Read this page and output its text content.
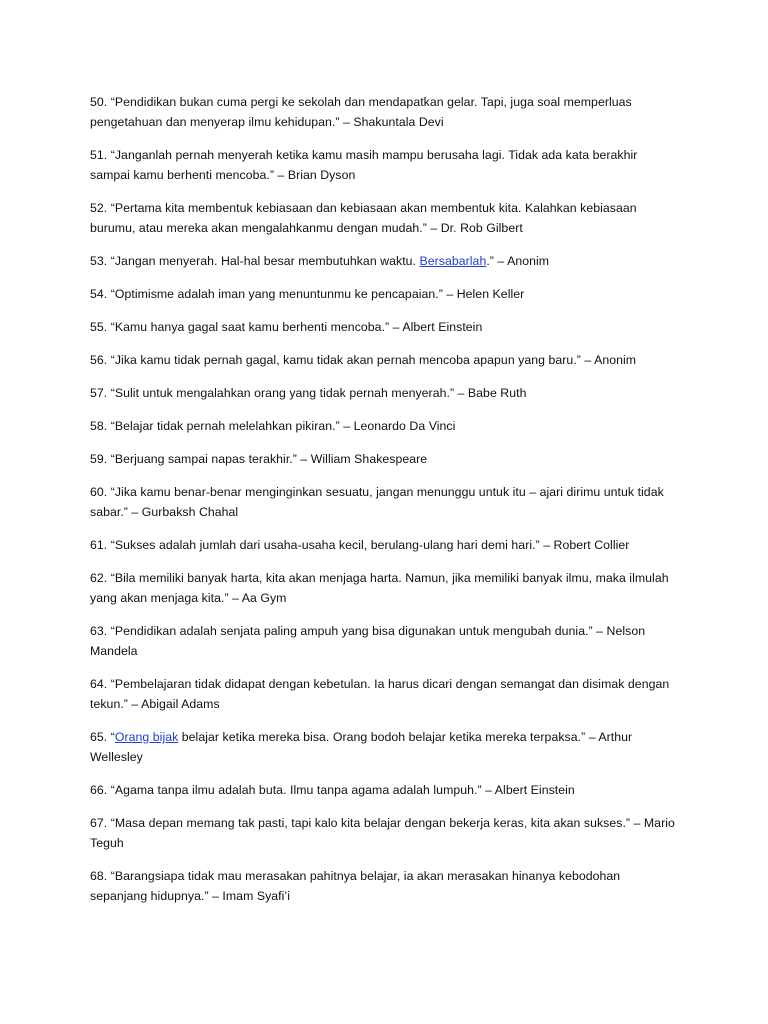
50. “Pendidikan bukan cuma pergi ke sekolah dan mendapatkan gelar. Tapi, juga soal memperluas pengetahuan dan menyerap ilmu kehidupan.” – Shakuntala Devi

51. “Janganlah pernah menyerah ketika kamu masih mampu berusaha lagi. Tidak ada kata berakhir sampai kamu berhenti mencoba.” – Brian Dyson

52. “Pertama kita membentuk kebiasaan dan kebiasaan akan membentuk kita. Kalahkan kebiasaan burumu, atau mereka akan mengalahkanmu dengan mudah.” – Dr. Rob Gilbert

53. “Jangan menyerah. Hal-hal besar membutuhkan waktu. Bersabarlah.” – Anonim

54. “Optimisme adalah iman yang menuntunmu ke pencapaian.” – Helen Keller

55. “Kamu hanya gagal saat kamu berhenti mencoba.” – Albert Einstein

56. “Jika kamu tidak pernah gagal, kamu tidak akan pernah mencoba apapun yang baru.” – Anonim

57. “Sulit untuk mengalahkan orang yang tidak pernah menyerah.” – Babe Ruth

58. “Belajar tidak pernah melelahkan pikiran.” – Leonardo Da Vinci

59. “Berjuang sampai napas terakhir.” – William Shakespeare

60. “Jika kamu benar-benar menginginkan sesuatu, jangan menunggu untuk itu – ajari dirimu untuk tidak sabar.” – Gurbaksh Chahal

61. “Sukses adalah jumlah dari usaha-usaha kecil, berulang-ulang hari demi hari.” – Robert Collier

62. “Bila memiliki banyak harta, kita akan menjaga harta. Namun, jika memiliki banyak ilmu, maka ilmulah yang akan menjaga kita.” – Aa Gym

63. “Pendidikan adalah senjata paling ampuh yang bisa digunakan untuk mengubah dunia.” – Nelson Mandela

64. “Pembelajaran tidak didapat dengan kebetulan. Ia harus dicari dengan semangat dan disimak dengan tekun.” – Abigail Adams

65. “Orang bijak belajar ketika mereka bisa. Orang bodoh belajar ketika mereka terpaksa.” – Arthur Wellesley

66. “Agama tanpa ilmu adalah buta. Ilmu tanpa agama adalah lumpuh.” – Albert Einstein

67. “Masa depan memang tak pasti, tapi kalo kita belajar dengan bekerja keras, kita akan sukses.” – Mario Teguh

68. “Barangsiapa tidak mau merasakan pahitnya belajar, ia akan merasakan hinanya kebodohan sepanjang hidupnya.” – Imam Syafi’i
